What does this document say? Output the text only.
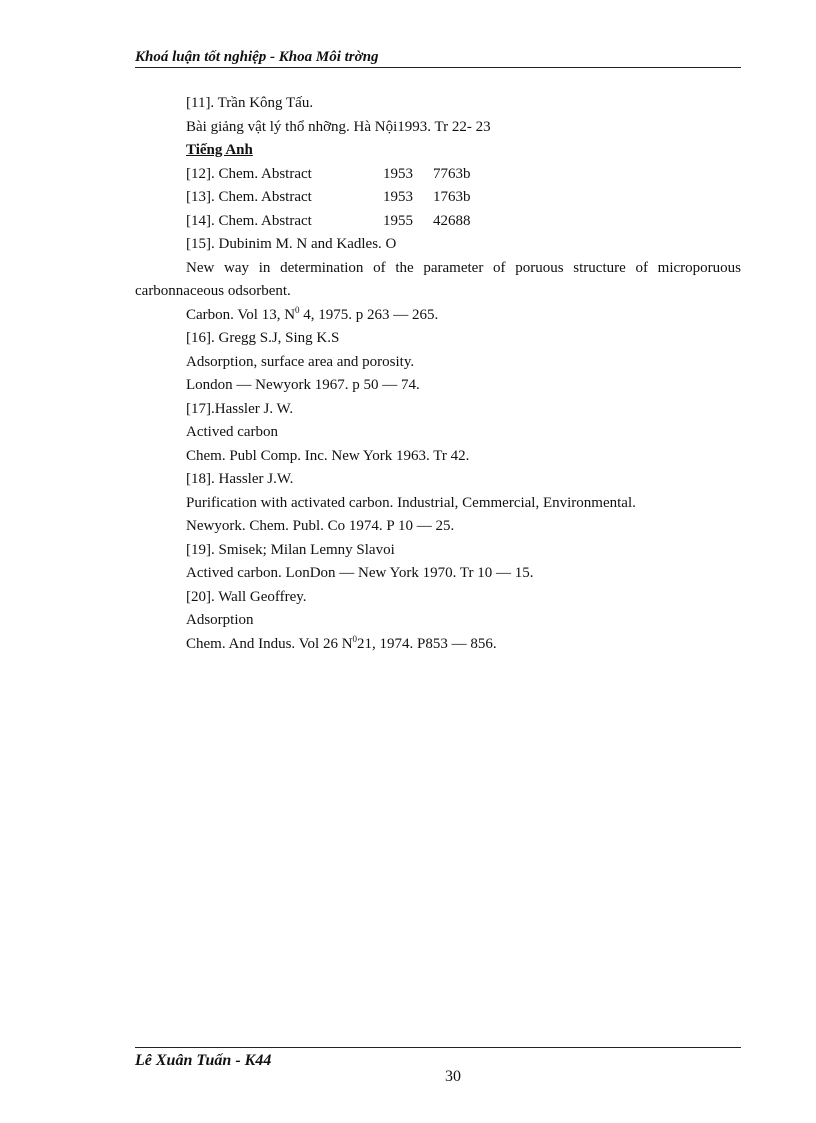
Khoá luận tốt nghiệp - Khoa Môi trờng
[11]. Trần Kông Tấu.
Bài giảng vật lý thổ nhỡng. Hà Nội1993. Tr 22- 23
Tiếng Anh
[12]. Chem. Abstract	1953 7763b
[13]. Chem. Abstract	1953 1763b
[14]. Chem. Abstract	1955 42688
[15]. Dubinim M. N and Kadles. O
New way in determination of the parameter of poruous structure of microporuous carbonnaceous odsorbent.
Carbon. Vol 13, $N^0$ 4, 1975. p 263 — 265.
[16]. Gregg S.J, Sing K.S
Adsorption, surface area and porosity.
London — Newyork 1967. p 50 — 74.
[17].Hassler J. W.
Actived carbon
Chem. Publ Comp. Inc. New York 1963. Tr 42.
[18]. Hassler J.W.
Purification with activated carbon. Industrial, Cemmercial, Environmental.
Newyork. Chem. Publ. Co 1974. P 10 — 25.
[19]. Smisek; Milan Lemny Slavoi
Actived carbon. LonDon — New York 1970. Tr 10 — 15.
[20]. Wall Geoffrey.
Adsorption
Chem. And Indus. Vol 26 $N^021$, 1974. P853 — 856.
Lê Xuân Tuấn - K44
30
